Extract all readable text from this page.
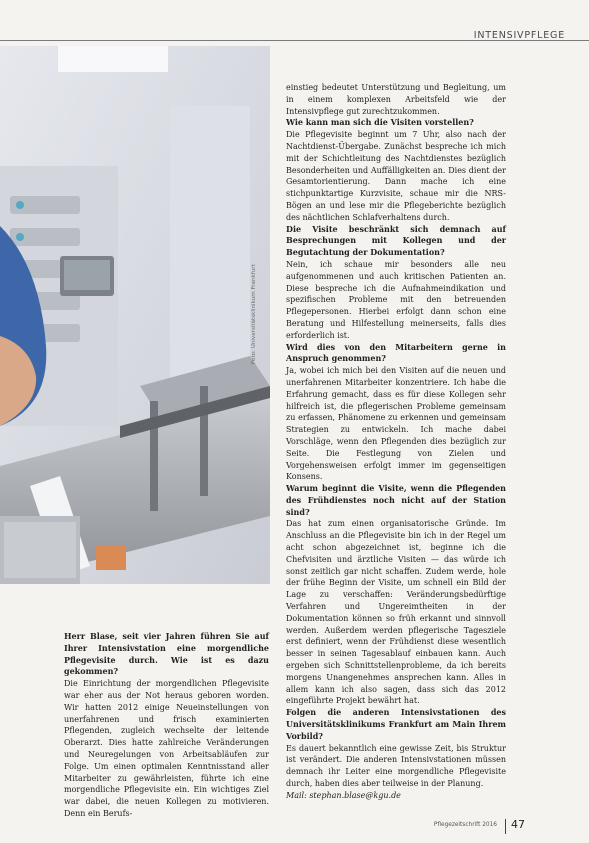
INTENSIVPFLEGE
Foto: Universitätsklinikum Frankfurt

Herr Blase, seit vier Jahren führen Sie auf Ihrer Intensivstation eine morgendliche Pflegevisite durch. Wie ist es dazu gekommen?

Die Einrichtung der morgendlichen Pflegevisite war eher aus der Not heraus geboren worden. Wir hatten 2012 einige Neueinstellungen von unerfahrenen und frisch examinierten Pflegenden, zugleich wechselte der leitende Oberarzt. Dies hatte zahlreiche Veränderungen und Neuregelungen von Arbeitsabläufen zur Folge. Um einen optimalen Kenntnisstand aller Mitarbeiter zu gewährleisten, führte ich eine morgendliche Pflegevisite ein. Ein wichtiges Ziel war dabei, die neuen Kollegen zu motivieren. Denn ein Berufs-

einstieg bedeutet Unterstützung und Begleitung, um in einem komplexen Arbeitsfeld wie der Intensivpflege gut zurechtzukommen.

Wie kann man sich die Visiten vorstellen?

Die Pflegevisite beginnt um 7 Uhr, also nach der Nachtdienst-Übergabe. Zunächst bespreche ich mich mit der Schichtleitung des Nachtdienstes bezüglich Besonderheiten und Auffälligkeiten an. Dies dient der Gesamtorientierung. Dann mache ich eine stichpunktartige Kurzvisite, schaue mir die NRS-Bögen an und lese mir die Pflegeberichte bezüglich des nächtlichen Schlafverhaltens durch.

Die Visite beschränkt sich demnach auf Besprechungen mit Kollegen und der Begutachtung der Dokumentation?

Nein, ich schaue mir besonders alle neu aufgenommenen und auch kritischen Patienten an. Diese bespreche ich die Aufnahmeindikation und spezifischen Probleme mit den betreuenden Pflegepersonen. Hierbei erfolgt dann schon eine Beratung und Hilfestellung meinerseits, falls dies erforderlich ist.

Wird dies von den Mitarbeitern gerne in Anspruch genommen?

Ja, wobei ich mich bei den Visiten auf die neuen und unerfahrenen Mitarbeiter konzentriere. Ich habe die Erfahrung gemacht, dass es für diese Kollegen sehr hilfreich ist, die pflegerischen Probleme gemeinsam zu erfassen, Phänomene zu erkennen und gemeinsam Strategien zu entwickeln. Ich mache dabei Vorschläge, wenn den Pflegenden dies bezüglich zur Seite. Die Festlegung von Zielen und Vorgehensweisen erfolgt immer im gegenseitigen Konsens.

Warum beginnt die Visite, wenn die Pflegenden des Frühdienstes noch nicht auf der Station sind?

Das hat zum einen organisatorische Gründe. Im Anschluss an die Pflegevisite bin ich in der Regel um acht schon abgezeichnet ist, beginne ich die Chefvisiten und ärztliche Visiten — das würde ich sonst zeitlich gar nicht schaffen. Zudem werde, hole der frühe Beginn der Visite, um schnell ein Bild der Lage zu verschaffen: Veränderungsbedürftige Verfahren und Ungereimtheiten in der Dokumentation können so früh erkannt und sinnvoll werden. Außerdem werden pflegerische Tagesziele erst definiert, wenn der Frühdienst diese wesentlich besser in seinen Tagesablauf einbauen kann. Auch ergeben sich Schnittstellenprobleme, da ich bereits morgens Unangenehmes ansprechen kann. Alles in allem kann ich also sagen, dass sich das 2012 eingeführte Projekt bewährt hat.

Folgen die anderen Intensivstationen des Universitätsklinikums Frankfurt am Main Ihrem Vorbild?

Es dauert bekanntlich eine gewisse Zeit, bis Struktur ist verändert. Die anderen Intensivstationen müssen demnach ihr Leiter eine morgendliche Pflegevisite durch, haben dies aber teilweise in der Planung.

Mail: stephan.blase@kgu.de

Pflegezeitschrift 2016 47
